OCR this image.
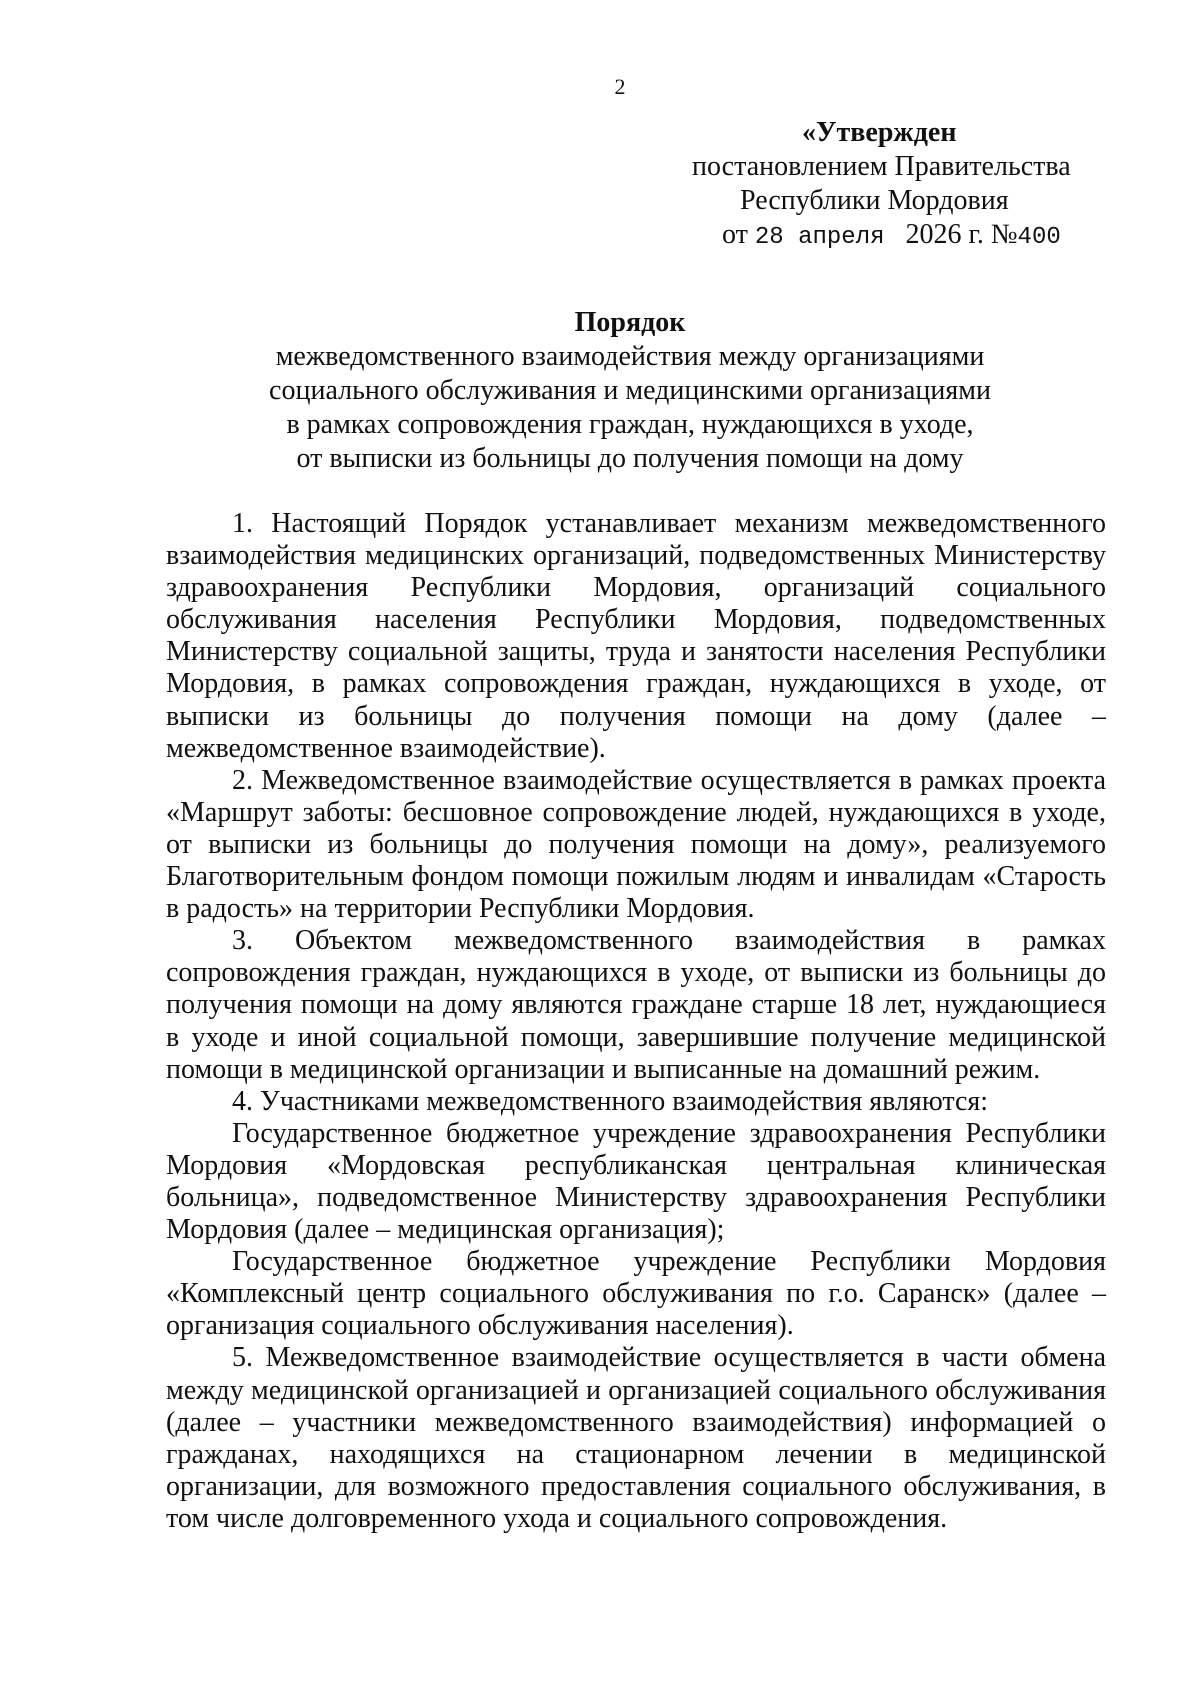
2
«Утвержден
постановлением Правительства
Республики Мордовия
от 28 апреля 2026 г. №400
Порядок
межведомственного взаимодействия между организациями
социального обслуживания и медицинскими организациями
в рамках сопровождения граждан, нуждающихся в уходе,
от выписки из больницы до получения помощи на дому

1. Настоящий Порядок устанавливает механизм межведомственного взаимодействия медицинских организаций, подведомственных Министерству здравоохранения Республики Мордовия, организаций социального обслуживания населения Республики Мордовия, подведомственных Министерству социальной защиты, труда и занятости населения Республики Мордовия, в рамках сопровождения граждан, нуждающихся в уходе, от выписки из больницы до получения помощи на дому (далее – межведомственное взаимодействие).

2. Межведомственное взаимодействие осуществляется в рамках проекта «Маршрут заботы: бесшовное сопровождение людей, нуждающихся в уходе, от выписки из больницы до получения помощи на дому», реализуемого Благотворительным фондом помощи пожилым людям и инвалидам «Старость в радость» на территории Республики Мордовия.

3. Объектом межведомственного взаимодействия в рамках сопровождения граждан, нуждающихся в уходе, от выписки из больницы до получения помощи на дому являются граждане старше 18 лет, нуждающиеся в уходе и иной социальной помощи, завершившие получение медицинской помощи в медицинской организации и выписанные на домашний режим.

4. Участниками межведомственного взаимодействия являются:

Государственное бюджетное учреждение здравоохранения Республики Мордовия «Мордовская республиканская центральная клиническая больница», подведомственное Министерству здравоохранения Республики Мордовия (далее – медицинская организация);

Государственное бюджетное учреждение Республики Мордовия «Комплексный центр социального обслуживания по г.о. Саранск» (далее – организация социального обслуживания населения).

5. Межведомственное взаимодействие осуществляется в части обмена между медицинской организацией и организацией социального обслуживания (далее – участники межведомственного взаимодействия) информацией о гражданах, находящихся на стационарном лечении в медицинской организации, для возможного предоставления социального обслуживания, в том числе долговременного ухода и социального сопровождения.
